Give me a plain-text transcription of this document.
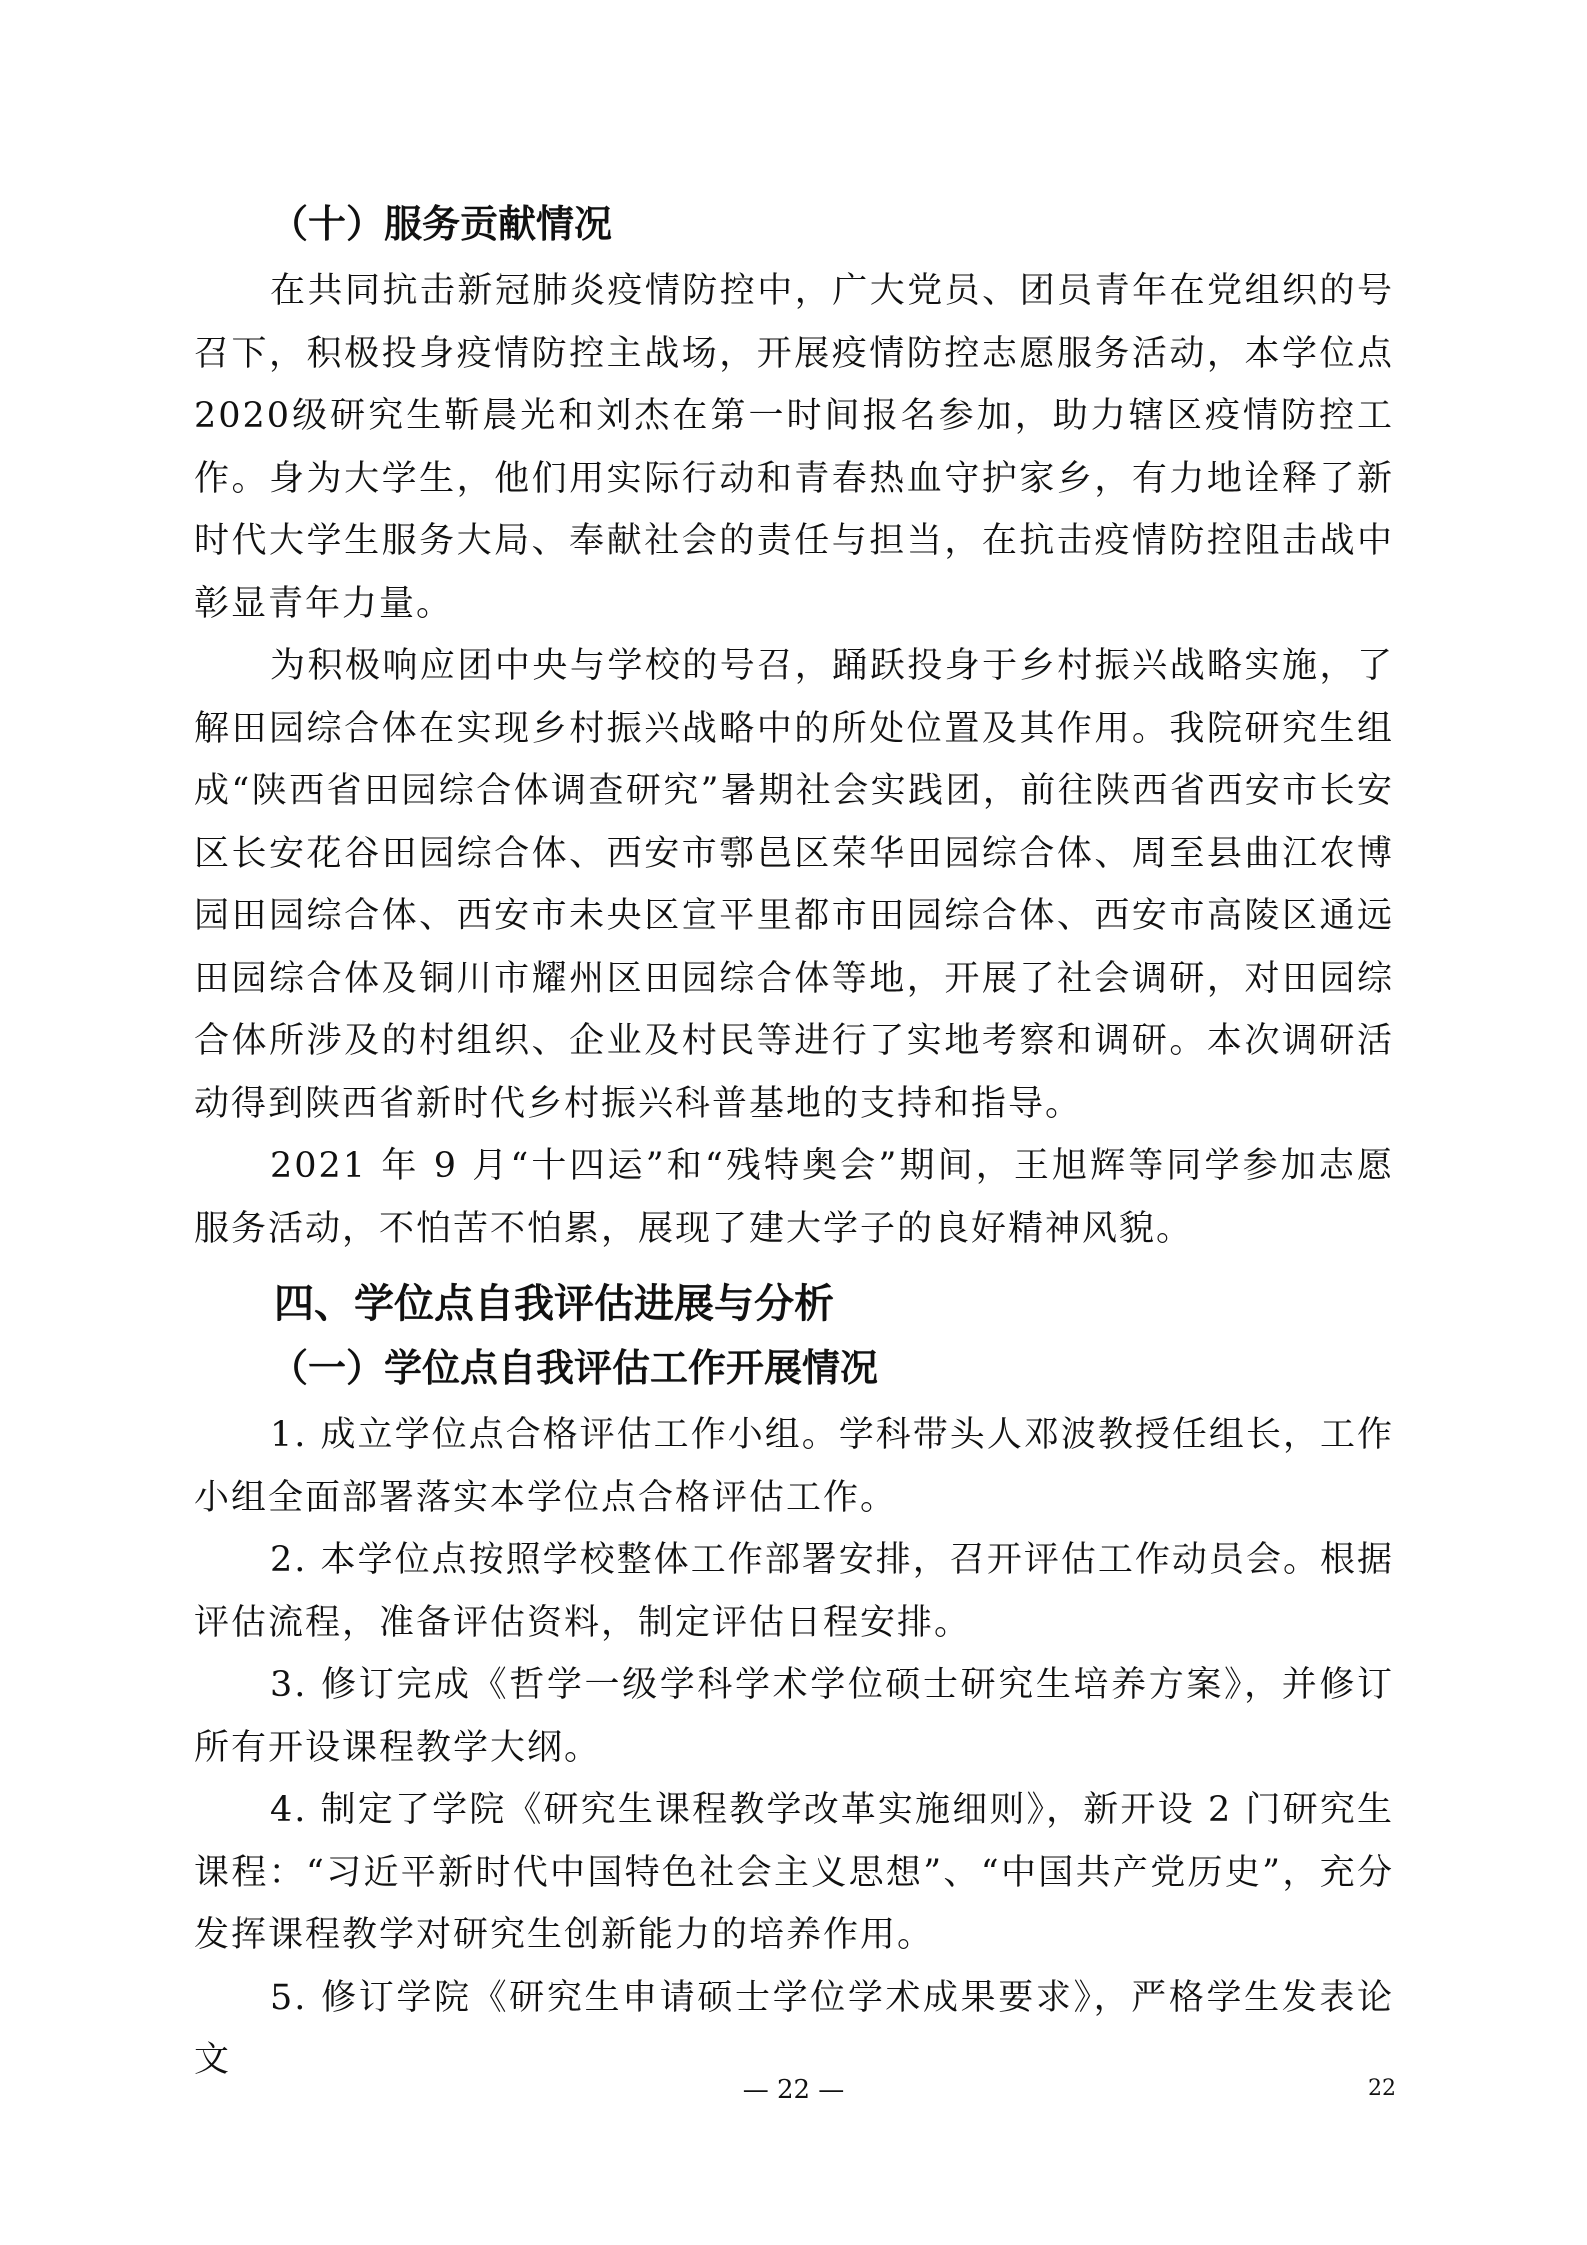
（十）服务贡献情况

在共同抗击新冠肺炎疫情防控中，广大党员、团员青年在党组织的号召下，积极投身疫情防控主战场，开展疫情防控志愿服务活动，本学位点2020级研究生靳晨光和刘杰在第一时间报名参加，助力辖区疫情防控工作。身为大学生，他们用实际行动和青春热血守护家乡，有力地诠释了新时代大学生服务大局、奉献社会的责任与担当，在抗击疫情防控阻击战中彰显青年力量。

为积极响应团中央与学校的号召，踊跃投身于乡村振兴战略实施，了解田园综合体在实现乡村振兴战略中的所处位置及其作用。我院研究生组成“陕西省田园综合体调查研究”暑期社会实践团，前往陕西省西安市长安区长安花谷田园综合体、西安市鄠邑区荣华田园综合体、周至县曲江农博园田园综合体、西安市未央区宣平里都市田园综合体、西安市高陵区通远田园综合体及铜川市耀州区田园综合体等地，开展了社会调研，对田园综合体所涉及的村组织、企业及村民等进行了实地考察和调研。本次调研活动得到陕西省新时代乡村振兴科普基地的支持和指导。

2021 年 9 月“十四运”和“残特奥会”期间，王旭辉等同学参加志愿服务活动，不怕苦不怕累，展现了建大学子的良好精神风貌。

四、学位点自我评估进展与分析

（一）学位点自我评估工作开展情况

1. 成立学位点合格评估工作小组。学科带头人邓波教授任组长，工作小组全面部署落实本学位点合格评估工作。

2. 本学位点按照学校整体工作部署安排，召开评估工作动员会。根据评估流程，准备评估资料，制定评估日程安排。

3. 修订完成《哲学一级学科学术学位硕士研究生培养方案》，并修订所有开设课程教学大纲。

4. 制定了学院《研究生课程教学改革实施细则》，新开设 2 门研究生课程：“习近平新时代中国特色社会主义思想”、“中国共产党历史”，充分发挥课程教学对研究生创新能力的培养作用。

5. 修订学院《研究生申请硕士学位学术成果要求》，严格学生发表论文

— 22 —	22
